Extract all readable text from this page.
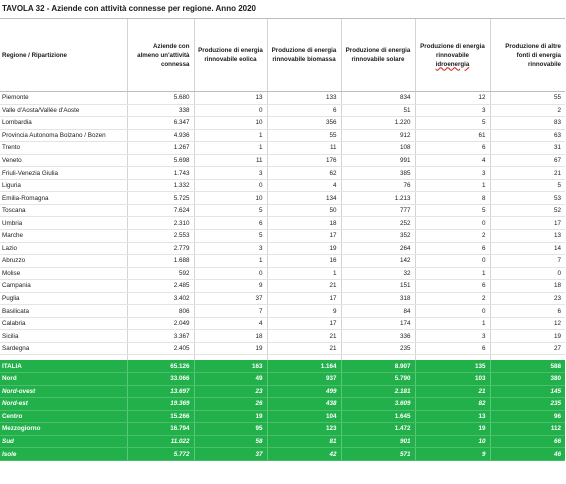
TAVOLA 32 - Aziende con attività connesse per regione. Anno 2020
Regione / Ripartizione	Aziende con almeno un'attività connessa	Produzione di energia rinnovabile eolica	Produzione di energia rinnovabile biomassa	Produzione di energia rinnovabile solare	Produzione di energia rinnovabile
idroenergia	Produzione di altre fonti di energia rinnovabile
Piemonte	5.680	13	133	834	12	55
Valle d'Aosta/Vallée d'Aoste	338	0	6	51	3	2
Lombardia	6.347	10	356	1.220	5	83
Provincia Autonoma Bolzano / Bozen	4.936	1	55	912	61	63
Trento	1.267	1	11	108	6	31
Veneto	5.698	11	176	991	4	67
Friuli-Venezia Giulia	1.743	3	62	385	3	21
Liguria	1.332	0	4	76	1	5
Emilia-Romagna	5.725	10	134	1.213	8	53
Toscana	7.624	5	50	777	5	52
Umbria	2.310	6	18	252	0	17
Marche	2.553	5	17	352	2	13
Lazio	2.779	3	19	264	6	14
Abruzzo	1.688	1	16	142	0	7
Molise	592	0	1	32	1	0
Campania	2.485	9	21	151	6	18
Puglia	3.402	37	17	318	2	23
Basilicata	806	7	9	84	0	6
Calabria	2.049	4	17	174	1	12
Sicilia	3.367	18	21	336	3	19
Sardegna	2.405	19	21	235	6	27

ITALIA	65.126	163	1.164	8.907	135	588
Nord	33.066	49	937	5.790	103	380
Nord-ovest	13.697	23	499	2.181	21	145
Nord-est	19.369	26	438	3.609	82	235
Centro	15.266	19	104	1.645	13	96
Mezzogiorno	16.794	95	123	1.472	19	112
Sud	11.022	58	81	901	10	66
Isole	5.772	37	42	571	9	46
